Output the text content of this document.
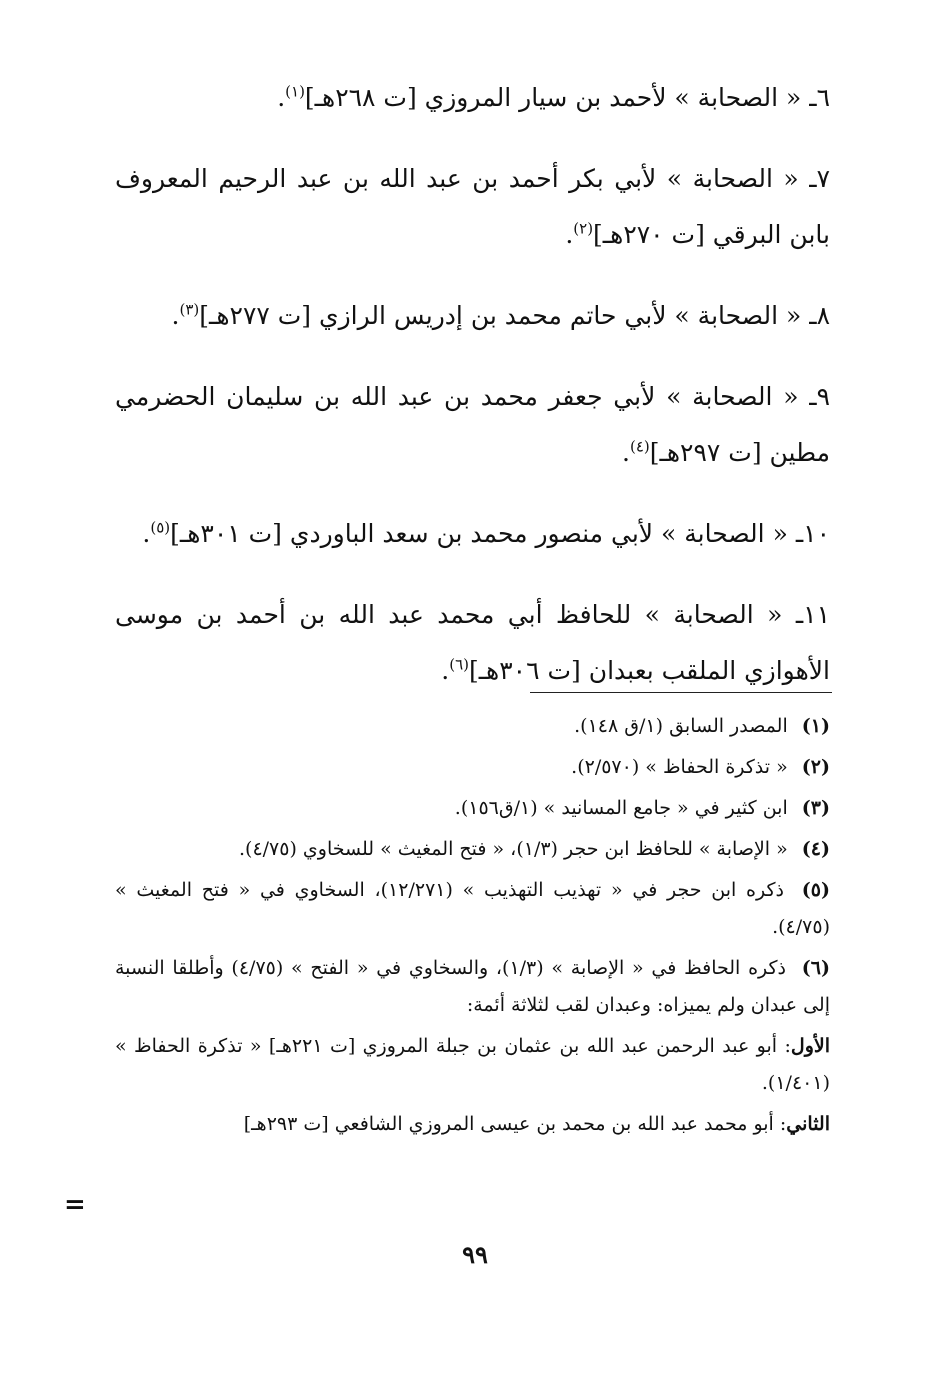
٦ـ « الصحابة » لأحمد بن سيار المروزي [ت ٢٦٨هـ]$^{(١)}$.

٧ـ « الصحابة » لأبي بكر أحمد بن عبد الله بن عبد الرحيم المعروف بابن البرقي [ت ٢٧٠هـ]$^{(٢)}$.

٨ـ « الصحابة » لأبي حاتم محمد بن إدريس الرازي [ت ٢٧٧هـ]$^{(٣)}$.

٩ـ « الصحابة » لأبي جعفر محمد بن عبد الله بن سليمان الحضرمي مطين [ت ٢٩٧هـ]$^{(٤)}$.

١٠ـ « الصحابة » لأبي منصور محمد بن سعد الباوردي [ت ٣٠١هـ]$^{(٥)}$.

١١ـ « الصحابة » للحافظ أبي محمد عبد الله بن أحمد بن موسى الأهوازي الملقب بعبدان [ت ٣٠٦هـ]$^{(٦)}$.

(١) المصدر السابق (١/ق ١٤٨).
(٢) « تذكرة الحفاظ » (٢/٥٧٠).
(٣) ابن كثير في « جامع المسانيد » (١/ق١٥٦).
(٤) « الإصابة » للحافظ ابن حجر (١/٣)، « فتح المغيث » للسخاوي (٤/٧٥).
(٥) ذكره ابن حجر في « تهذيب التهذيب » (١٢/٢٧١)، السخاوي في « فتح المغيث » (٤/٧٥).
(٦) ذكره الحافظ في « الإصابة » (١/٣)، والسخاوي في « الفتح » (٤/٧٥) وأطلقا النسبة إلى عبدان ولم يميزاه: وعبدان لقب لثلاثة أئمة:
الأول: أبو عبد الرحمن عبد الله بن عثمان بن جبلة المروزي [ت ٢٢١هـ] « تذكرة الحفاظ » (١/٤٠١).
الثاني: أبو محمد عبد الله بن محمد بن عيسى المروزي الشافعي [ت ٢٩٣هـ]
=
٩٩
